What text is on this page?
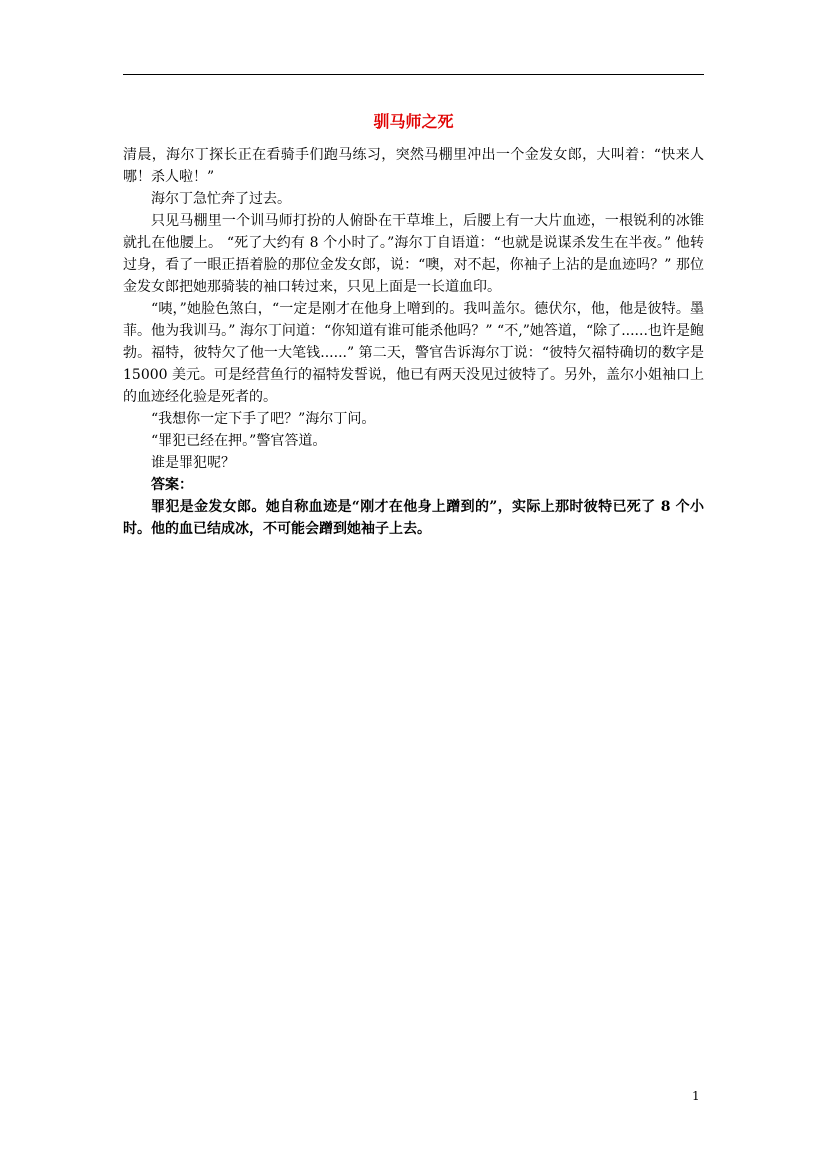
驯马师之死

清晨，海尔丁探长正在看骑手们跑马练习，突然马棚里冲出一个金发女郎，大叫着：“快来人哪！杀人啦！”

海尔丁急忙奔了过去。

只见马棚里一个训马师打扮的人俯卧在干草堆上，后腰上有一大片血迹，一根锐利的冰锥就扎在他腰上。 “死了大约有 8 个小时了。”海尔丁自语道：“也就是说谋杀发生在半夜。” 他转过身，看了一眼正捂着脸的那位金发女郎，说：“噢，对不起，你袖子上沾的是血迹吗？” 那位金发女郎把她那骑装的袖口转过来，只见上面是一长道血印。

“咦，”她脸色煞白，“一定是刚才在他身上噌到的。我叫盖尔。德伏尔，他，他是彼特。墨菲。他为我训马。” 海尔丁问道：“你知道有谁可能杀他吗？” “不,”她答道，“除了......也许是鲍勃。福特，彼特欠了他一大笔钱......” 第二天，警官告诉海尔丁说：“彼特欠福特确切的数字是 15000 美元。可是经营鱼行的福特发誓说，他已有两天没见过彼特了。另外，盖尔小姐袖口上的血迹经化验是死者的。

“我想你一定下手了吧？”海尔丁问。

“罪犯已经在押。”警官答道。

谁是罪犯呢？

答案：

罪犯是金发女郎。她自称血迹是“刚才在他身上蹭到的”，实际上那时彼特已死了 8 个小时。他的血已结成冰，不可能会蹭到她袖子上去。

1
